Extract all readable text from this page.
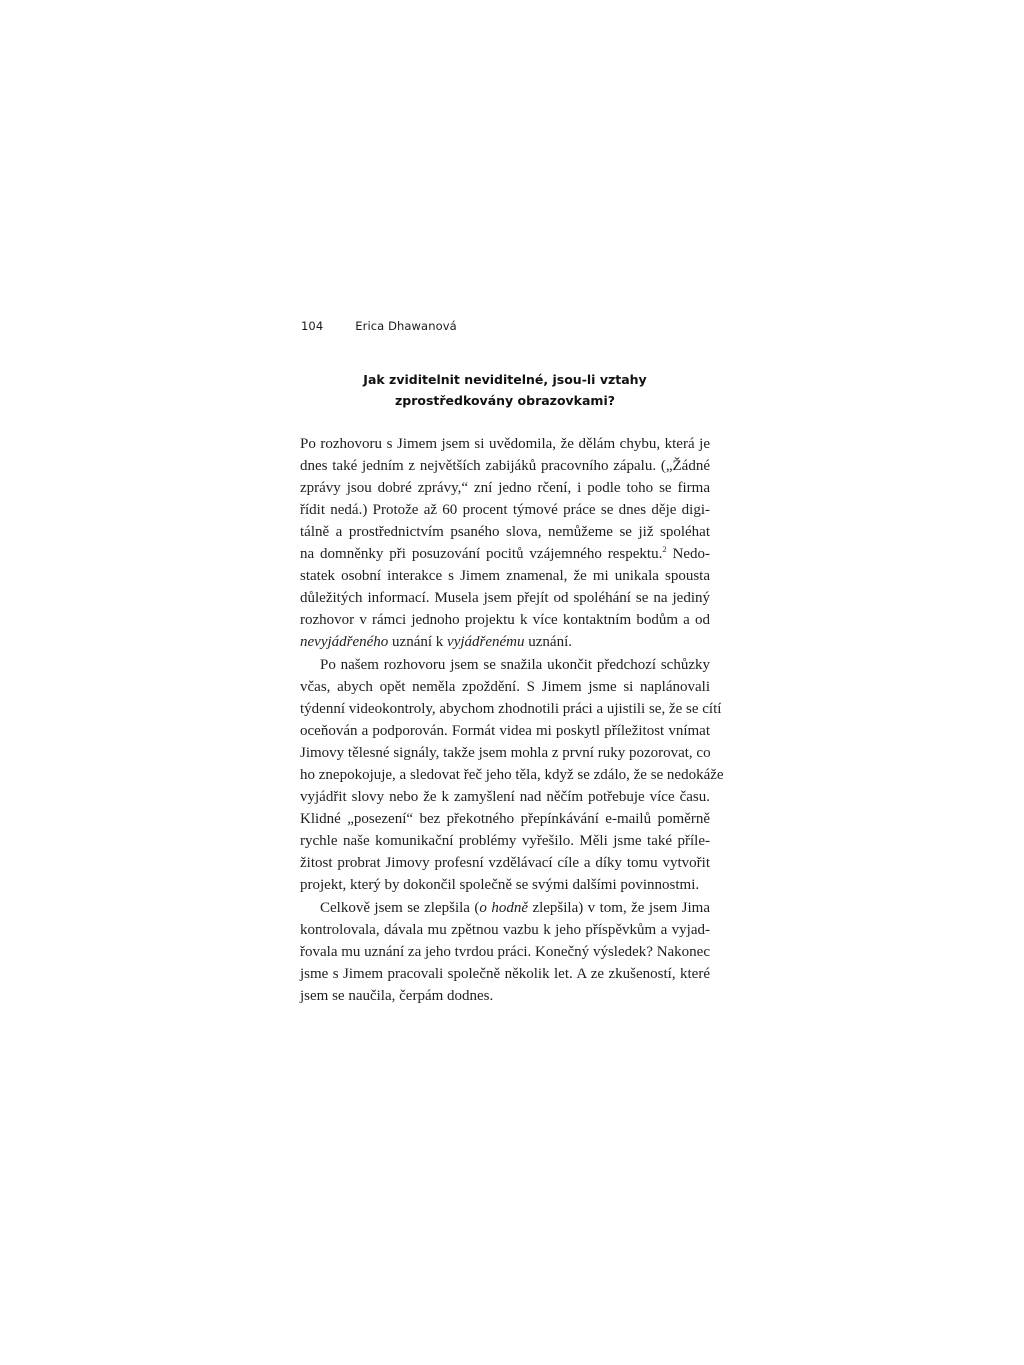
104	Erica Dhawanová
Jak zviditelnit neviditelné, jsou-li vztahy
zprostředkovány obrazovkami?
Po rozhovoru s Jimem jsem si uvědomila, že dělám chybu, která je
dnes také jedním z největších zabijáků pracovního zápalu. („Žádné
zprávy jsou dobré zprávy,“ zní jedno rčení, i podle toho se firma
řídit nedá.) Protože až 60 procent týmové práce se dnes děje digi-
tálně a prostřednictvím psaného slova, nemůžeme se již spoléhat
na domněnky při posuzování pocitů vzájemného respektu.$^2$ Nedo-
statek osobní interakce s Jimem znamenal, že mi unikala spousta
důležitých informací. Musela jsem přejít od spoléhání se na jediný
rozhovor v rámci jednoho projektu k více kontaktním bodům a od
nevyjádřeného uznání k vyjádřenému uznání.
Po našem rozhovoru jsem se snažila ukončit předchozí schůzky
včas, abych opět neměla zpoždění. S Jimem jsme si naplánovali
týdenní videokontroly, abychom zhodnotili práci a ujistili se, že se cítí
oceňován a podporován. Formát videa mi poskytl příležitost vnímat
Jimovy tělesné signály, takže jsem mohla z první ruky pozorovat, co
ho znepokojuje, a sledovat řeč jeho těla, když se zdálo, že se nedokáže
vyjádřit slovy nebo že k zamyšlení nad něčím potřebuje více času.
Klidné „posezení“ bez překotného přepínkávání e-mailů poměrně
rychle naše komunikační problémy vyřešilo. Měli jsme také příle-
žitost probrat Jimovy profesní vzdělávací cíle a díky tomu vytvořit
projekt, který by dokončil společně se svými dalšími povinnostmi.
Celkově jsem se zlepšila (o hodně zlepšila) v tom, že jsem Jima
kontrolovala, dávala mu zpětnou vazbu k jeho příspěvkům a vyjad-
řovala mu uznání za jeho tvrdou práci. Konečný výsledek? Nakonec
jsme s Jimem pracovali společně několik let. A ze zkušeností, které
jsem se naučila, čerpám dodnes.
